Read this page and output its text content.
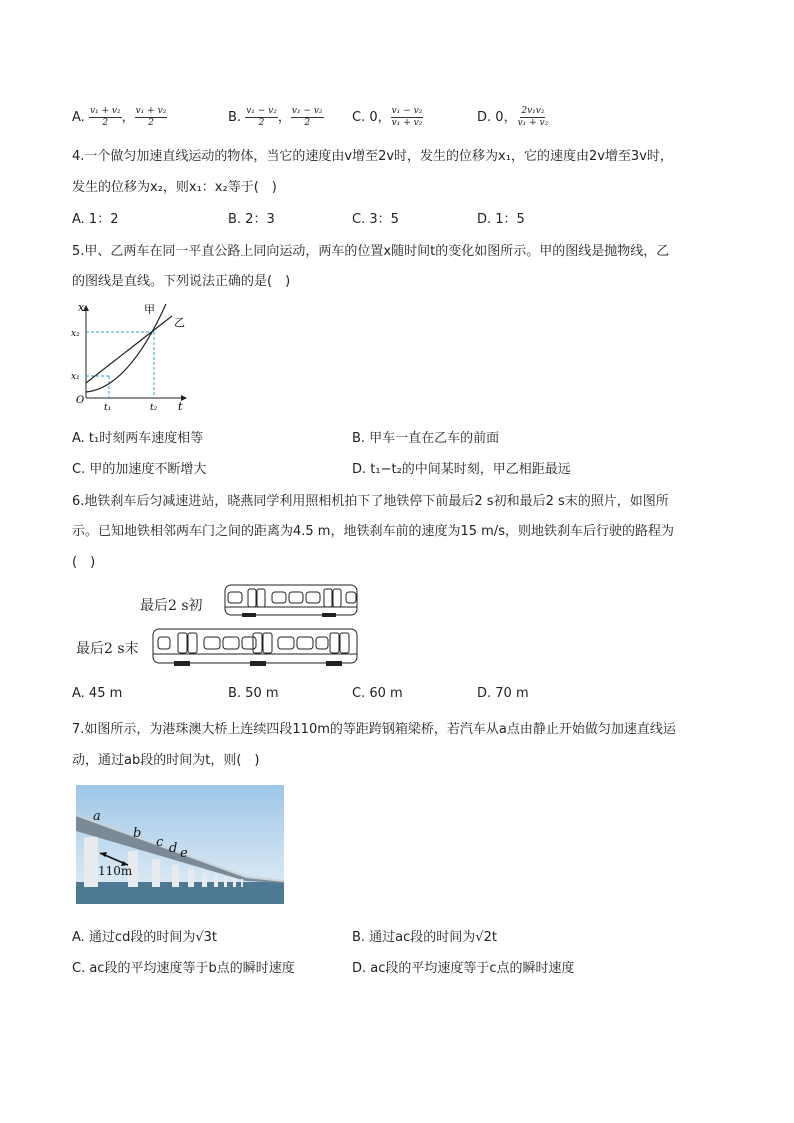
A. $\frac{\text{v₁ + v₂}}{2}$ ， $\frac{\text{v₁ + v₂}}{2}$	B. $\frac{\text{v₁ − v₂}}{2}$ ， $\frac{\text{v₁ − v₂}}{2} C$. 0， $\frac{\text{v₁ − v₂}}{\text{v₁ + v₂}}$	D. 0， $\frac{\text{2v₁v₂}}{\text{v₁ + v₂}}$
4.一个做匀加速直线运动的物体，当它的速度由v增至2v时，发生的位移为x₁，它的速度由2v增至3v时，
发生的位移为x₂，则x₁：x₂等于(　)
A. 1：2	B. 2：3	C. 3：5	D. 1：5
5.甲、乙两车在同一平直公路上同向运动，两车的位置x随时间t的变化如图所示。甲的图线是抛物线，乙
的图线是直线。下列说法正确的是(　)
x
t
O
x₂
x₁
t₁	t₂
甲
乙
A. t₁时刻两车速度相等	B. 甲车一直在乙车的前面
C. 甲的加速度不断增大	D. t₁−t₂的中间某时刻，甲乙相距最远
6.地铁刹车后匀减速进站，晓燕同学利用照相机拍下了地铁停下前最后2 s初和最后2 s末的照片，如图所
示。已知地铁相邻两车门之间的距离为4.5 m，地铁刹车前的速度为15 m/s，则地铁刹车后行驶的路程为
(　)
最后2 s初
最后2 s末
A. 45 m	B. 50 m	C. 60 m	D. 70 m
7.如图所示，为港珠澳大桥上连续四段110m的等距跨钢箱梁桥，若汽车从a点由静止开始做匀加速直线运
动，通过ab段的时间为t，则(　)
110m
a
b
c d e
A. 通过cd段的时间为√3t	B. 通过ac段的时间为√2t
C. ac段的平均速度等于b点的瞬时速度	D. ac段的平均速度等于c点的瞬时速度
